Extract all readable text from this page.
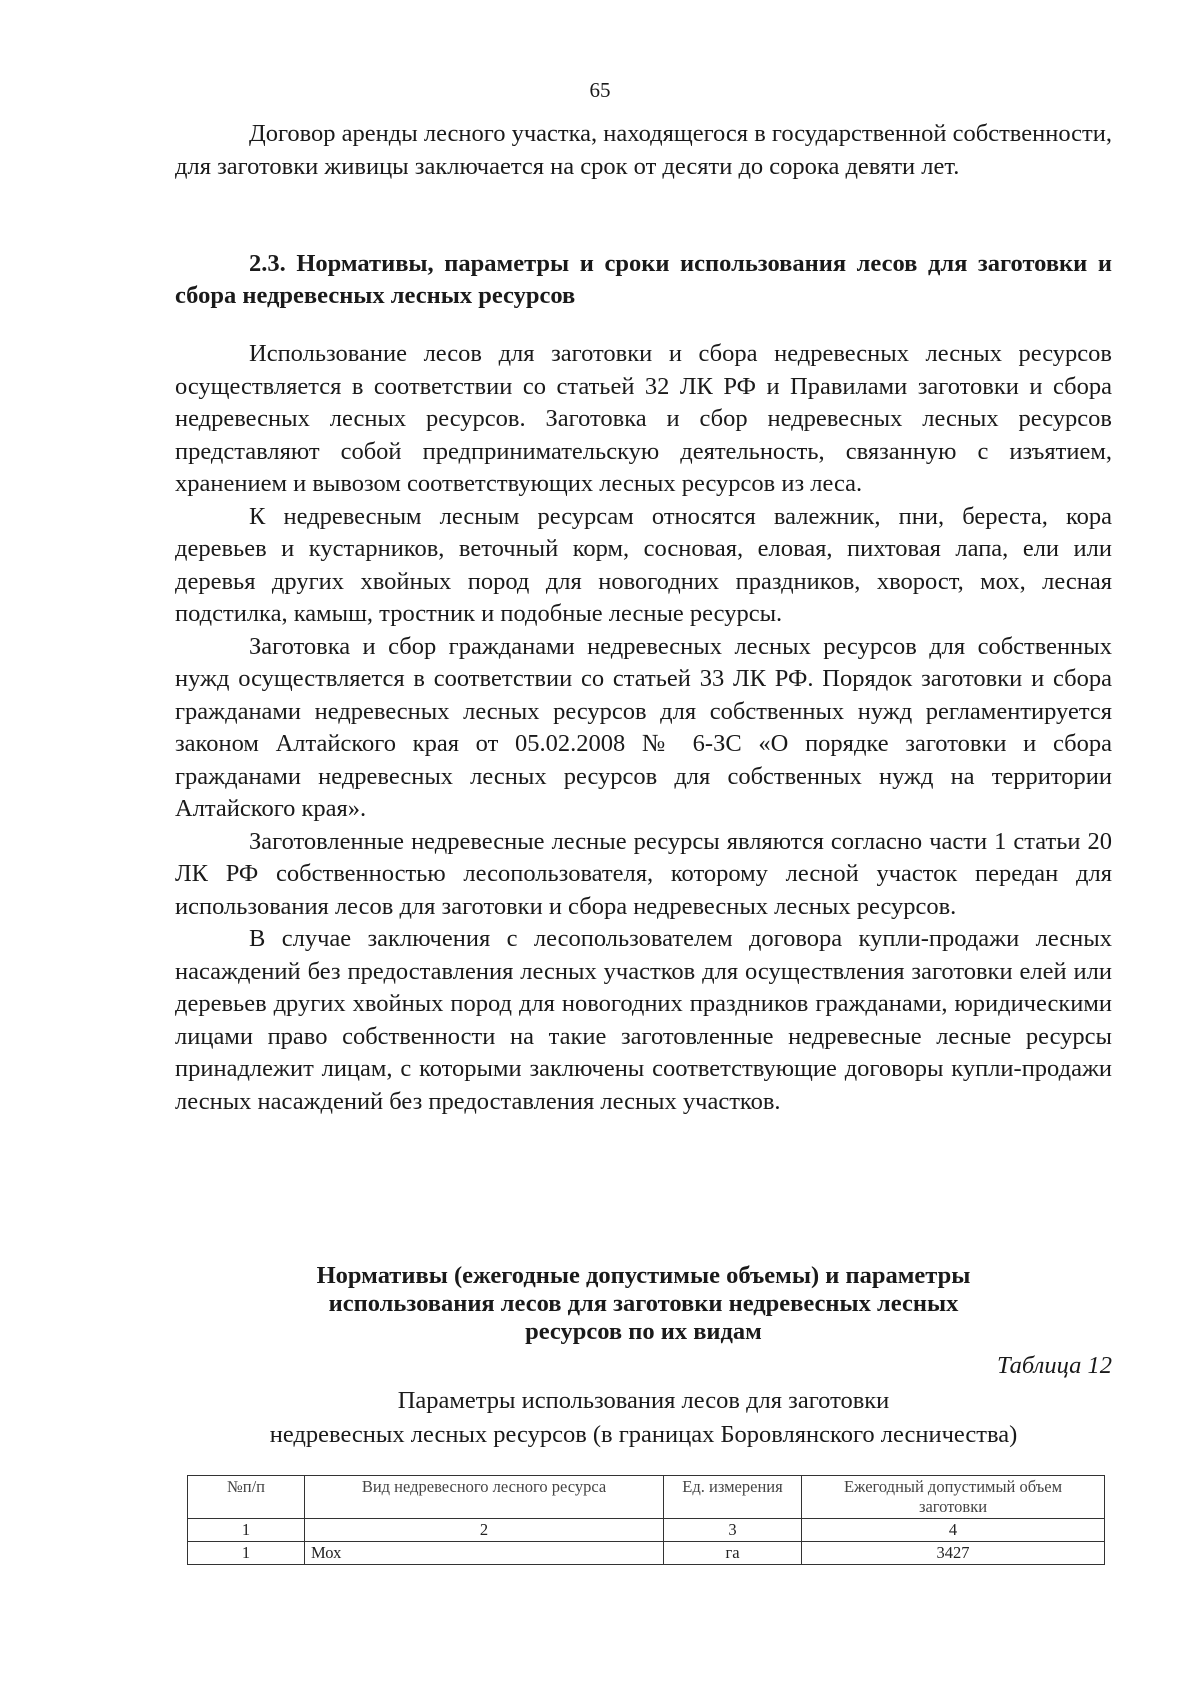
65

Договор аренды лесного участка, находящегося в государственной собственности, для заготовки живицы заключается на срок от десяти до сорока девяти лет.

2.3. Нормативы, параметры и сроки использования лесов для заготовки и сбора недревесных лесных ресурсов

Использование лесов для заготовки и сбора недревесных лесных ресурсов осуществляется в соответствии со статьей 32 ЛК РФ и Правилами заготовки и сбора недревесных лесных ресурсов. Заготовка и сбор недревесных лесных ресурсов представляют собой предпринимательскую деятельность, связанную с изъятием, хранением и вывозом соответствующих лесных ресурсов из леса.

К недревесным лесным ресурсам относятся валежник, пни, береста, кора деревьев и кустарников, веточный корм, сосновая, еловая, пихтовая лапа, ели или деревья других хвойных пород для новогодних праздников, хворост, мох, лесная подстилка, камыш, тростник и подобные лесные ресурсы.

Заготовка и сбор гражданами недревесных лесных ресурсов для собственных нужд осуществляется в соответствии со статьей 33 ЛК РФ. Порядок заготовки и сбора гражданами недревесных лесных ресурсов для собственных нужд регламентируется законом Алтайского края от 05.02.2008 № 6-ЗС «О порядке заготовки и сбора гражданами недревесных лесных ресурсов для собственных нужд на территории Алтайского края».

Заготовленные недревесные лесные ресурсы являются согласно части 1 статьи 20 ЛК РФ собственностью лесопользователя, которому лесной участок передан для использования лесов для заготовки и сбора недревесных лесных ресурсов.

В случае заключения с лесопользователем договора купли-продажи лесных насаждений без предоставления лесных участков для осуществления заготовки елей или деревьев других хвойных пород для новогодних праздников гражданами, юридическими лицами право собственности на такие заготовленные недревесные лесные ресурсы принадлежит лицам, с которыми заключены соответствующие договоры купли-продажи лесных насаждений без предоставления лесных участков.

Нормативы (ежегодные допустимые объемы) и параметры
использования лесов для заготовки недревесных лесных
ресурсов по их видам
Таблица 12
Параметры использования лесов для заготовки
недревесных лесных ресурсов (в границах Боровлянского лесничества)
№п/п	Вид недревесного лесного ресурса	Ед. измерения	Ежегодный допустимый объем заготовки
1	2	3	4
1	Мох	га	3427
